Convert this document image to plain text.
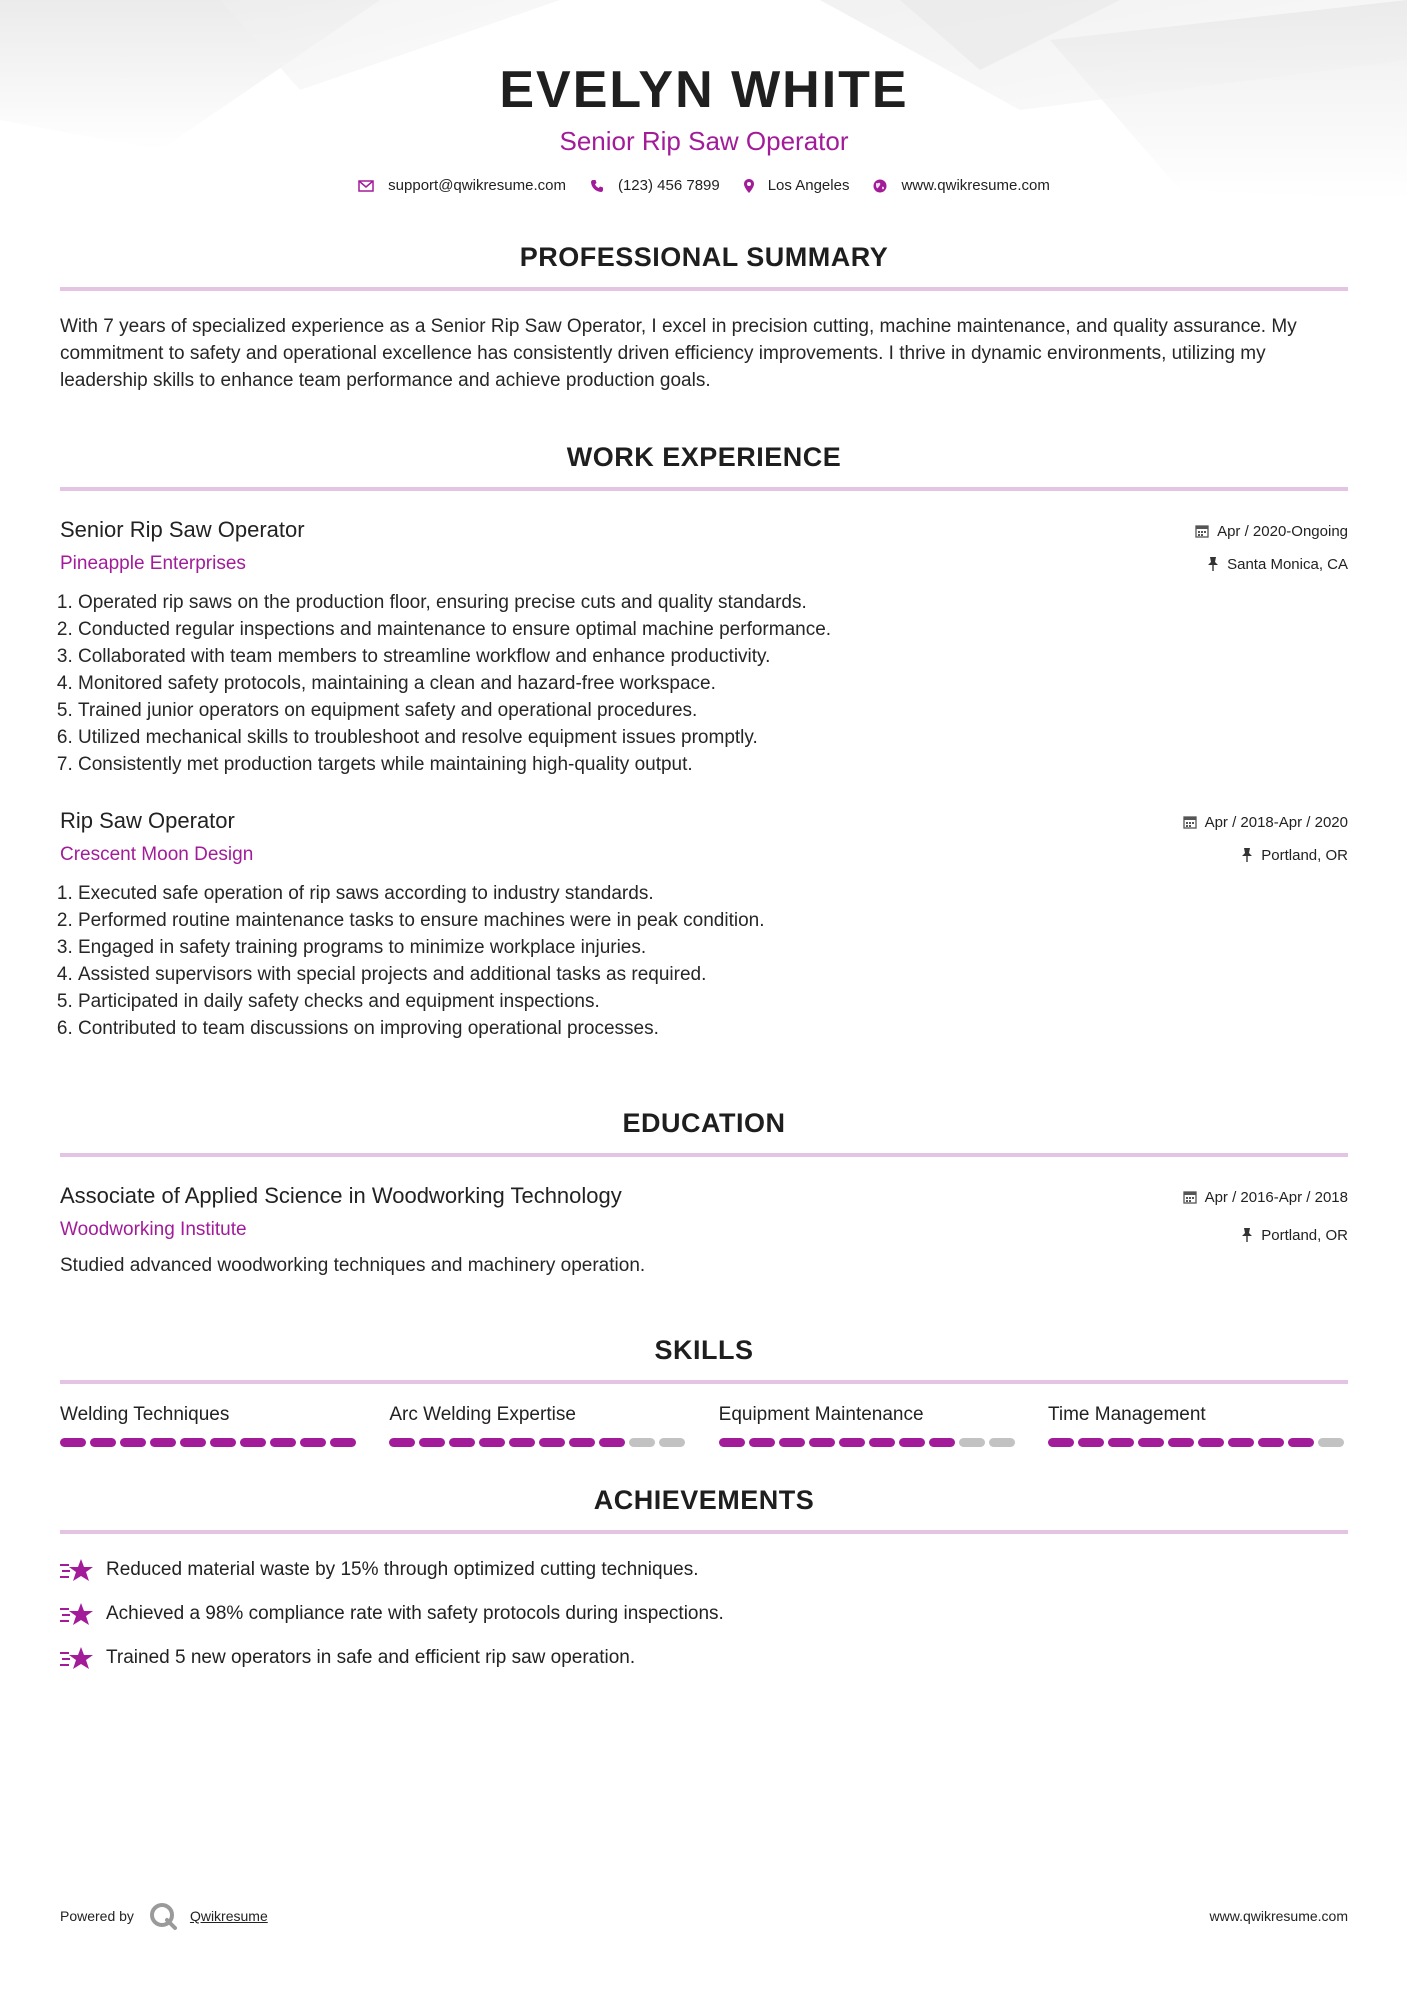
EVELYN WHITE
Senior Rip Saw Operator
support@qwikresume.com	(123) 456 7899	Los Angeles	www.qwikresume.com
PROFESSIONAL SUMMARY

With 7 years of specialized experience as a Senior Rip Saw Operator, I excel in precision cutting, machine maintenance, and quality assurance. My commitment to safety and operational excellence has consistently driven efficiency improvements. I thrive in dynamic environments, utilizing my leadership skills to enhance team performance and achieve production goals.

WORK EXPERIENCE
Senior Rip Saw Operator
Pineapple Enterprises
Apr / 2020-Ongoing
Santa Monica, CA
1. Operated rip saws on the production floor, ensuring precise cuts and quality standards.
2. Conducted regular inspections and maintenance to ensure optimal machine performance.
3. Collaborated with team members to streamline workflow and enhance productivity.
4. Monitored safety protocols, maintaining a clean and hazard-free workspace.
5. Trained junior operators on equipment safety and operational procedures.
6. Utilized mechanical skills to troubleshoot and resolve equipment issues promptly.
7. Consistently met production targets while maintaining high-quality output.
Rip Saw Operator
Crescent Moon Design
Apr / 2018-Apr / 2020
Portland, OR
1. Executed safe operation of rip saws according to industry standards.
2. Performed routine maintenance tasks to ensure machines were in peak condition.
3. Engaged in safety training programs to minimize workplace injuries.
4. Assisted supervisors with special projects and additional tasks as required.
5. Participated in daily safety checks and equipment inspections.
6. Contributed to team discussions on improving operational processes.
EDUCATION
Associate of Applied Science in Woodworking Technology
Woodworking Institute
Apr / 2016-Apr / 2018
Portland, OR
Studied advanced woodworking techniques and machinery operation.
SKILLS
Welding Techniques	Arc Welding Expertise	Equipment Maintenance	Time Management
ACHIEVEMENTS
Reduced material waste by 15% through optimized cutting techniques.
Achieved a 98% compliance rate with safety protocols during inspections.
Trained 5 new operators in safe and efficient rip saw operation.
Powered by	Qwikresume	www.qwikresume.com
